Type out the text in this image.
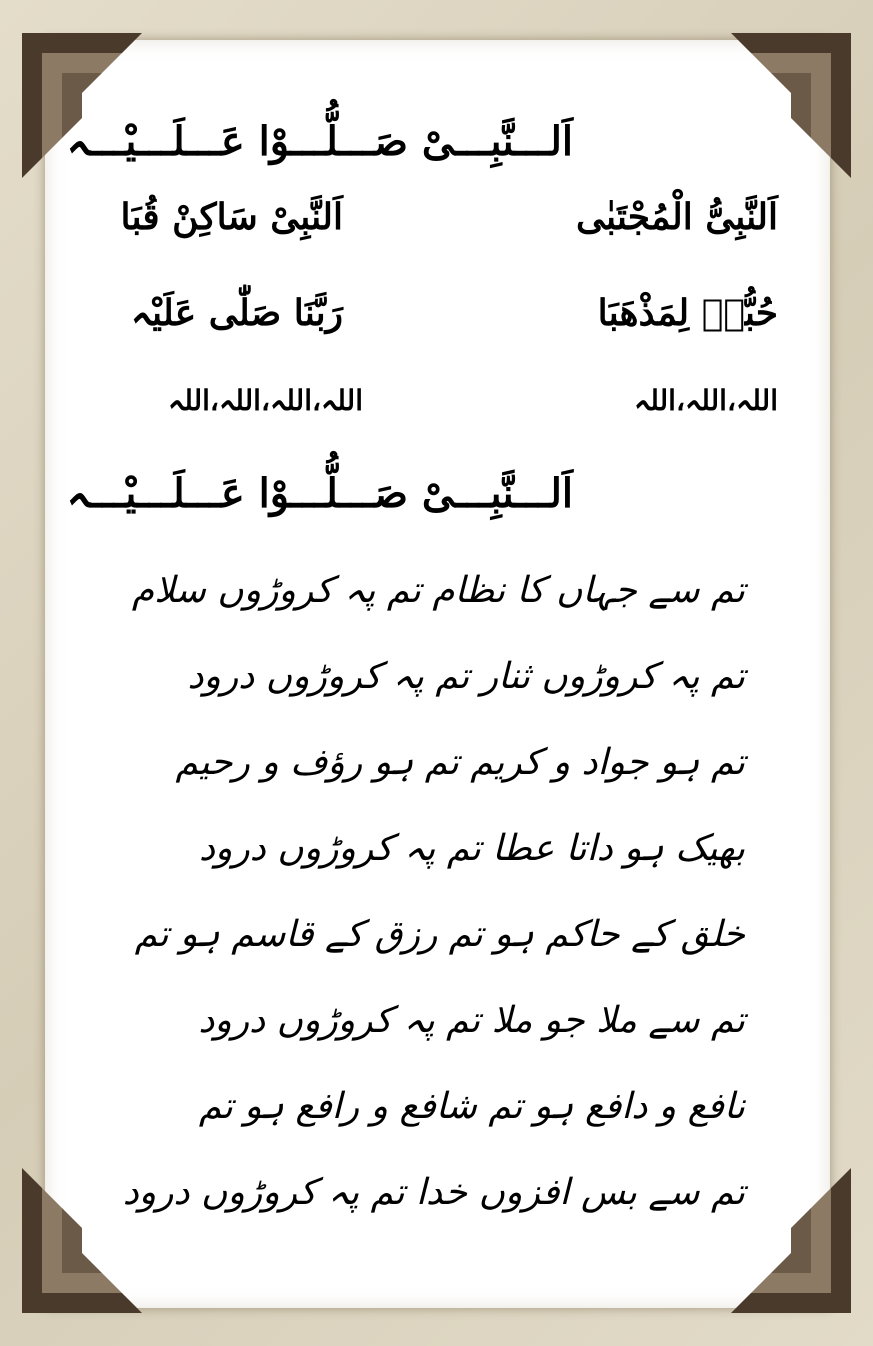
اَلـــنَّبِـــیْ صَـــلُّـــوْا عَـــلَـــیْـــہ
اَلنَّبِیُّ الْمُجْتَبٰی
اَلنَّبِیْ سَاکِنْ قُبَا
حُبُّہٗ لِمَذْھَبَا
رَبَّنَا صَلّٰی عَلَیْہ
اللہ،اللہ،اللہ
اللہ،اللہ،اللہ،اللہ
اَلـــنَّبِـــیْ صَـــلُّـــوْا عَـــلَـــیْـــہ
تم سے جہاں کا نظام تم پہ کروڑوں سلام
تم پہ کروڑوں ثنار تم پہ کروڑوں درود
تم ہو جواد و کریم تم ہو رؤف و رحیم
بھیک ہو داتا عطا تم پہ کروڑوں درود
خلق کے حاکم ہو تم رزق کے قاسم ہو تم
تم سے ملا جو ملا تم پہ کروڑوں درود
نافع و دافع ہو تم شافع و رافع ہو تم
تم سے بس افزوں خدا تم پہ کروڑوں درود
